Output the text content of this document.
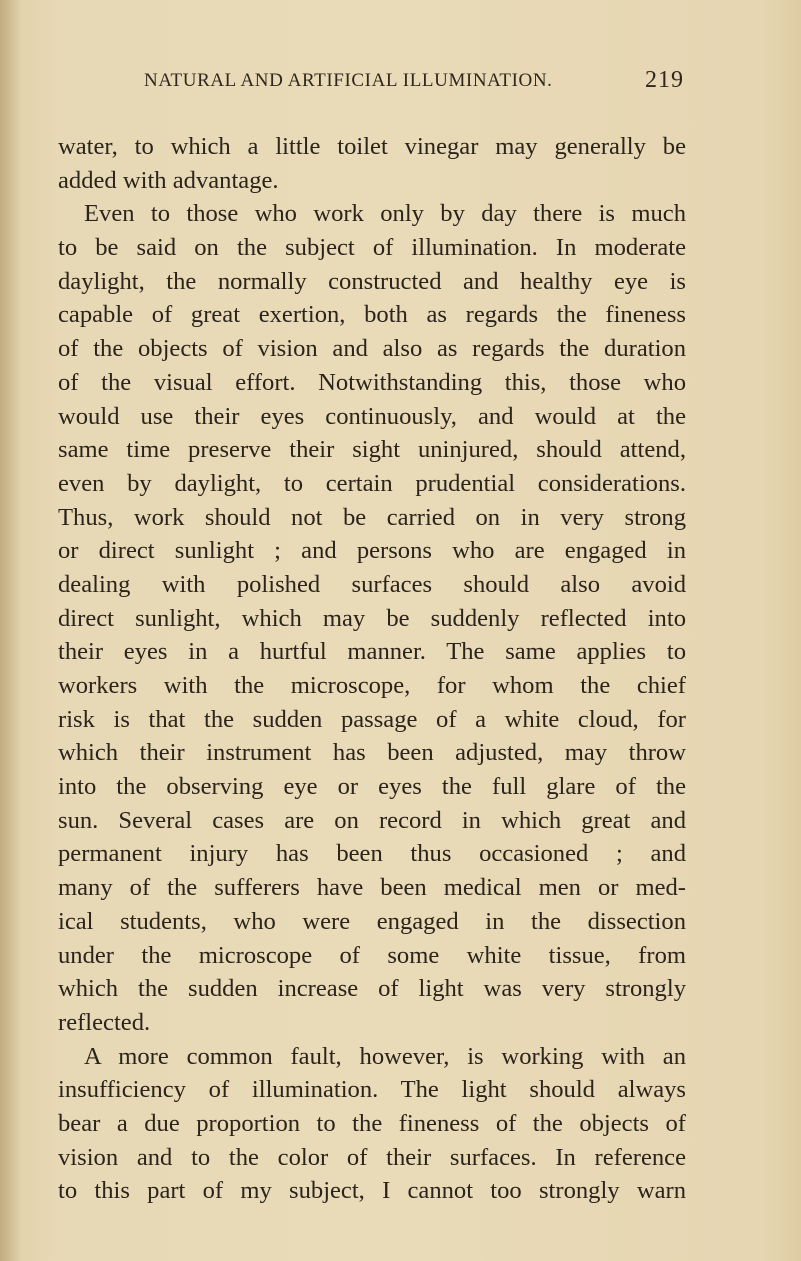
NATURAL AND ARTIFICIAL ILLUMINATION.	219
water, to which a little toilet vinegar may generally be
added with advantage.
Even to those who work only by day there is much
to be said on the subject of illumination. In moderate
daylight, the normally constructed and healthy eye is
capable of great exertion, both as regards the fineness
of the objects of vision and also as regards the duration
of the visual effort. Notwithstanding this, those who
would use their eyes continuously, and would at the
same time preserve their sight uninjured, should attend,
even by daylight, to certain prudential considerations.
Thus, work should not be carried on in very strong
or direct sunlight ; and persons who are engaged in
dealing with polished surfaces should also avoid
direct sunlight, which may be suddenly reflected into
their eyes in a hurtful manner. The same applies to
workers with the microscope, for whom the chief
risk is that the sudden passage of a white cloud, for
which their instrument has been adjusted, may throw
into the observing eye or eyes the full glare of the
sun. Several cases are on record in which great and
permanent injury has been thus occasioned ; and
many of the sufferers have been medical men or med-
ical students, who were engaged in the dissection
under the microscope of some white tissue, from
which the sudden increase of light was very strongly
reflected.
A more common fault, however, is working with an
insufficiency of illumination. The light should always
bear a due proportion to the fineness of the objects of
vision and to the color of their surfaces. In reference
to this part of my subject, I cannot too strongly warn
